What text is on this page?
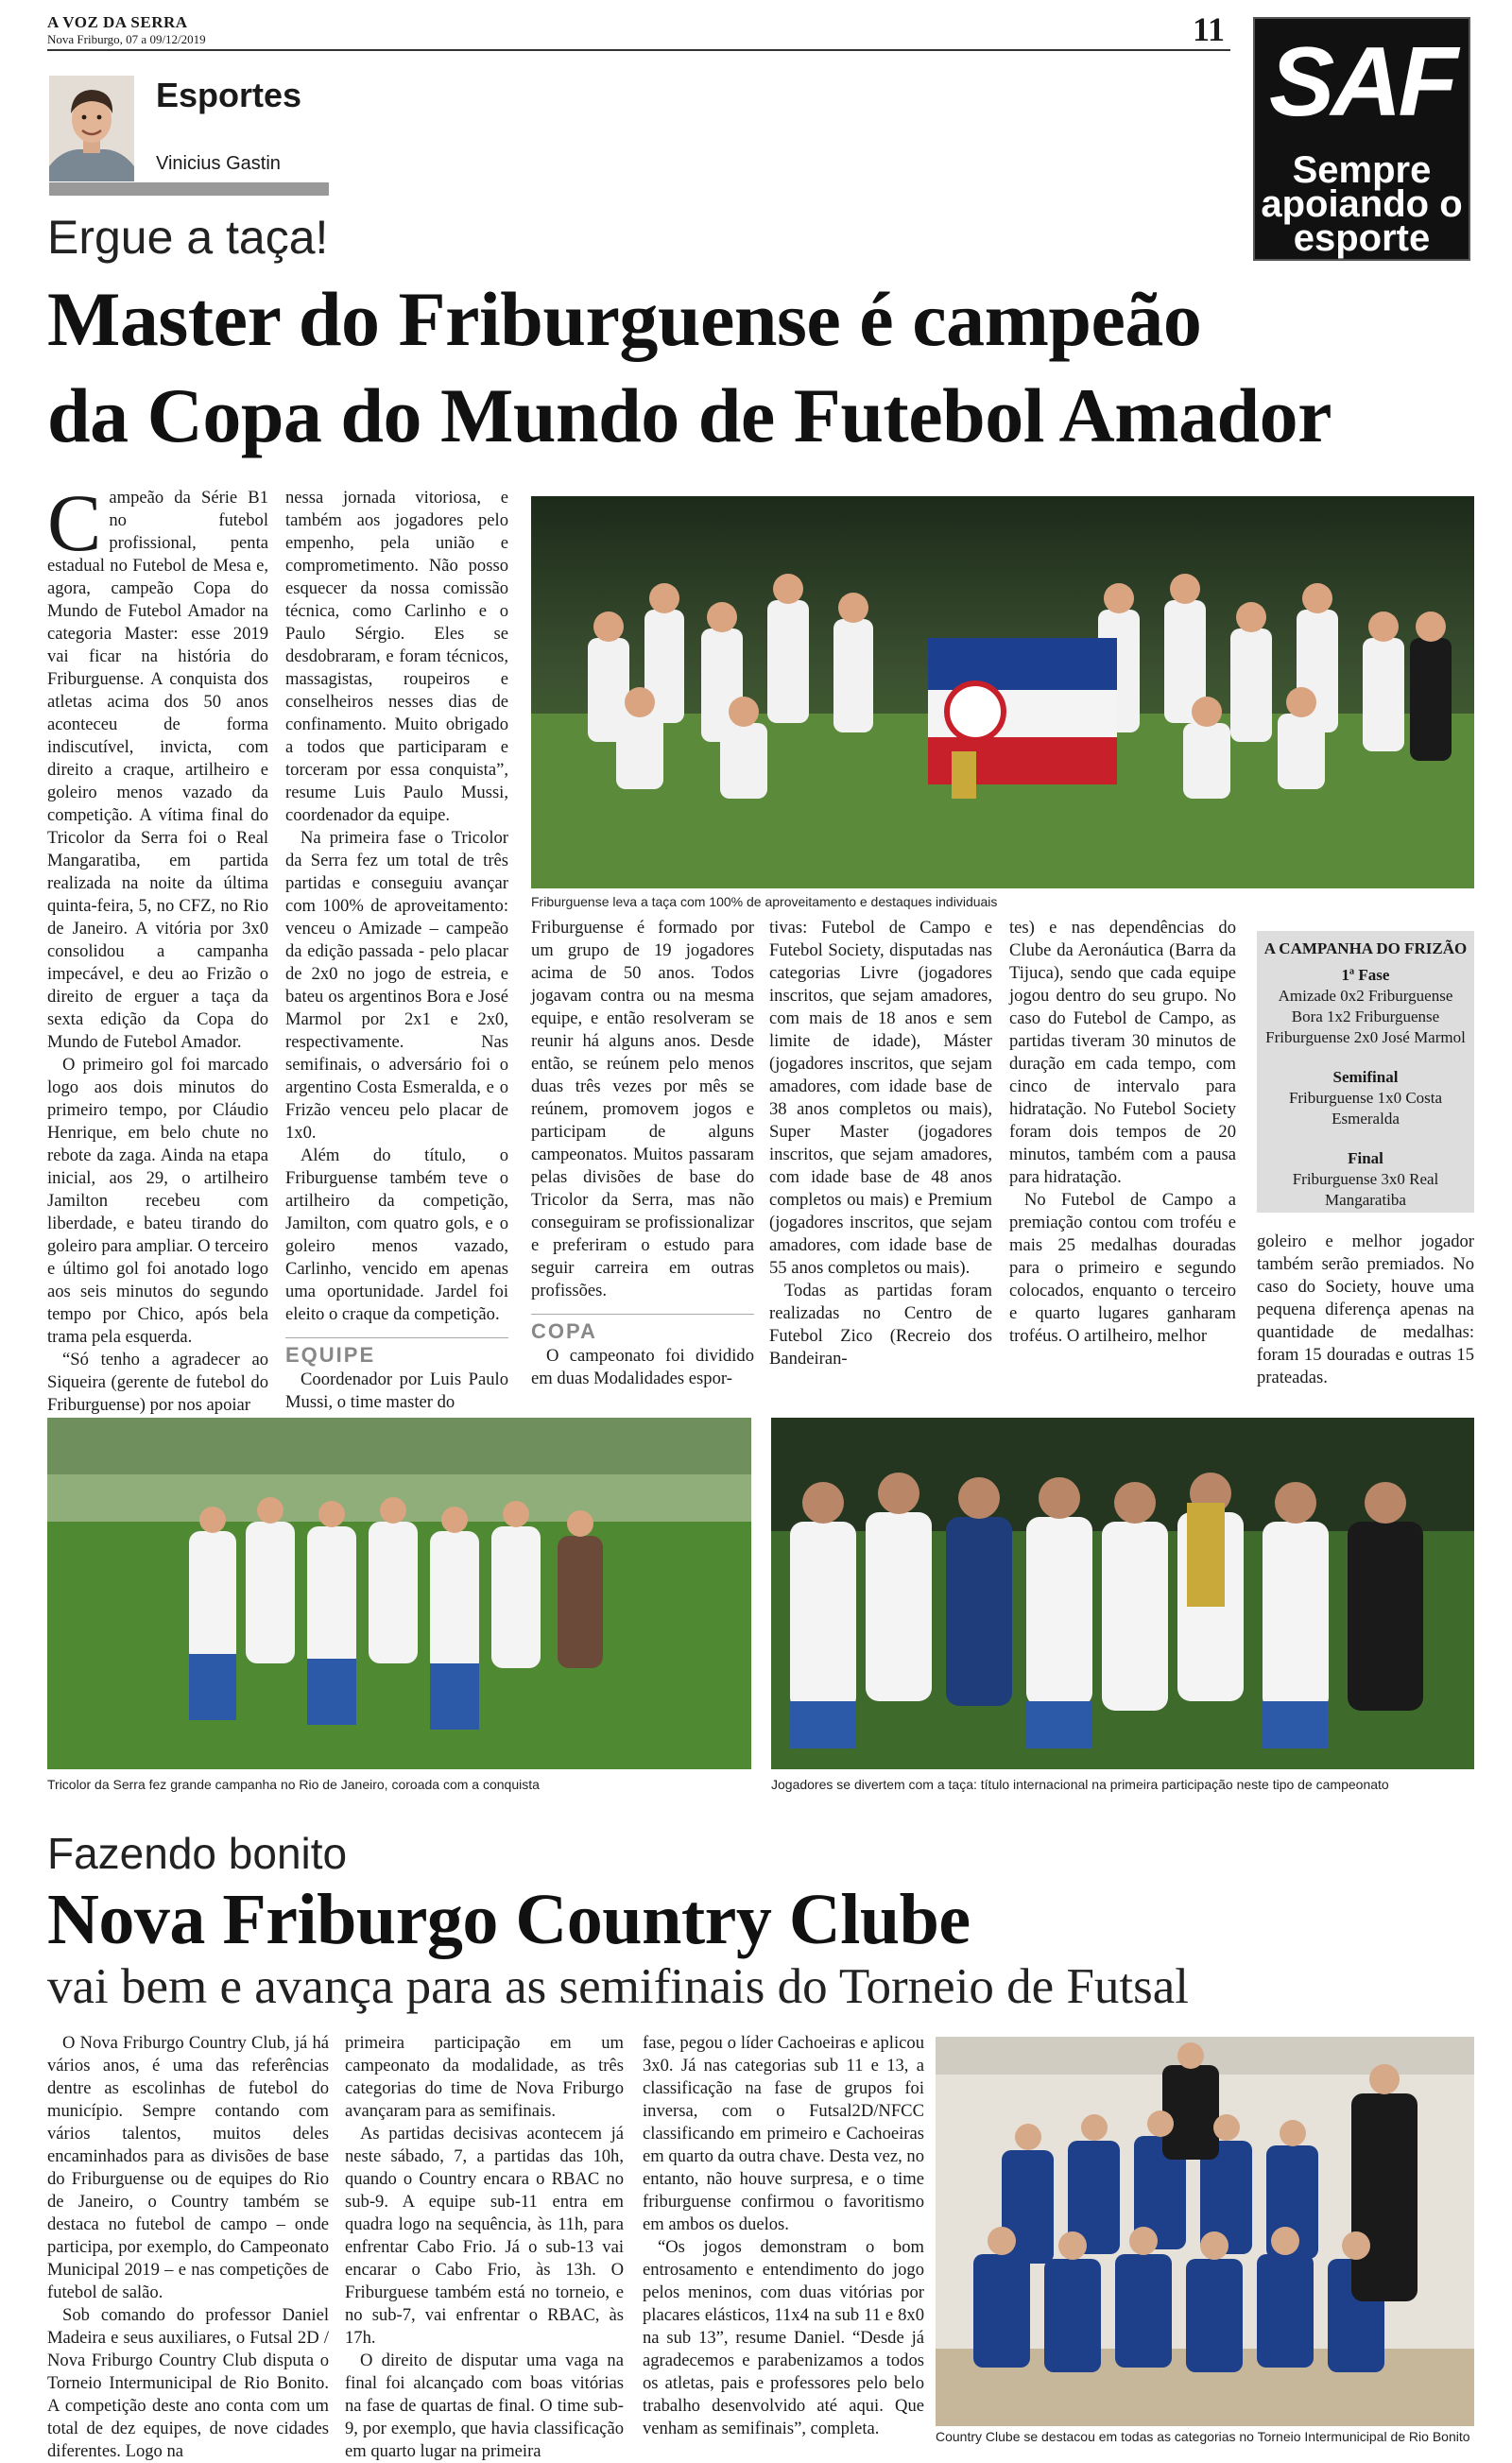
A VOZ DA SERRA
Nova Friburgo, 07 a 09/12/2019	11
Esportes
Vinicius Gastin
SAF
Sempre
apoiando o
esporte
Ergue a taça!
Master do Friburguense é campeão
da Copa do Mundo de Futebol Amador

Campeão da Série B1 no futebol profissional, penta estadual no Futebol de Mesa e, agora, campeão Copa do Mundo de Futebol Amador na categoria Master: esse 2019 vai ficar na história do Friburguense. A conquista dos atletas acima dos 50 anos aconteceu de forma indiscutível, invicta, com direito a craque, artilheiro e goleiro menos vazado da competição. A vítima final do Tricolor da Serra foi o Real Mangaratiba, em partida realizada na noite da última quinta-feira, 5, no CFZ, no Rio de Janeiro. A vitória por 3x0 consolidou a campanha impecável, e deu ao Frizão o direito de erguer a taça da sexta edição da Copa do Mundo de Futebol Amador.

O primeiro gol foi marcado logo aos dois minutos do primeiro tempo, por Cláudio Henrique, em belo chute no rebote da zaga. Ainda na etapa inicial, aos 29, o artilheiro Jamilton recebeu com liberdade, e bateu tirando do goleiro para ampliar. O terceiro e último gol foi anotado logo aos seis minutos do segundo tempo por Chico, após bela trama pela esquerda.

“Só tenho a agradecer ao Siqueira (gerente de futebol do Friburguense) por nos apoiar

nessa jornada vitoriosa, e também aos jogadores pelo empenho, pela união e comprometimento. Não posso esquecer da nossa comissão técnica, como Carlinho e o Paulo Sérgio. Eles se desdobraram, e foram técnicos, massagistas, roupeiros e conselheiros nesses dias de confinamento. Muito obrigado a todos que participaram e torceram por essa conquista”, resume Luis Paulo Mussi, coordenador da equipe.

Na primeira fase o Tricolor da Serra fez um total de três partidas e conseguiu avançar com 100% de aproveitamento: venceu o Amizade – campeão da edição passada - pelo placar de 2x0 no jogo de estreia, e bateu os argentinos Bora e José Marmol por 2x1 e 2x0, respectivamente. Nas semifinais, o adversário foi o argentino Costa Esmeralda, e o Frizão venceu pelo placar de 1x0.

Além do título, o Friburguense também teve o artilheiro da competição, Jamilton, com quatro gols, e o goleiro menos vazado, Carlinho, vencido em apenas uma oportunidade. Jardel foi eleito o craque da competição.

EQUIPE

Coordenador por Luis Paulo Mussi, o time master do

Friburguense leva a taça com 100% de aproveitamento e destaques individuais

Friburguense é formado por um grupo de 19 jogadores acima de 50 anos. Todos jogavam contra ou na mesma equipe, e então resolveram se reunir há alguns anos. Desde então, se reúnem pelo menos duas três vezes por mês se reúnem, promovem jogos e participam de alguns campeonatos. Muitos passaram pelas divisões de base do Tricolor da Serra, mas não conseguiram se profissionalizar e preferiram o estudo para seguir carreira em outras profissões.

COPA

O campeonato foi dividido em duas Modalidades espor-

tivas: Futebol de Campo e Futebol Society, disputadas nas categorias Livre (jogadores inscritos, que sejam amadores, com mais de 18 anos e sem limite de idade), Máster (jogadores inscritos, que sejam amadores, com idade base de 38 anos completos ou mais), Super Master (jogadores inscritos, que sejam amadores, com idade base de 48 anos completos ou mais) e Premium (jogadores inscritos, que sejam amadores, com idade base de 55 anos completos ou mais).

Todas as partidas foram realizadas no Centro de Futebol Zico (Recreio dos Bandeiran-

tes) e nas dependências do Clube da Aeronáutica (Barra da Tijuca), sendo que cada equipe jogou dentro do seu grupo. No caso do Futebol de Campo, as partidas tiveram 30 minutos de duração em cada tempo, com cinco de intervalo para hidratação. No Futebol Society foram dois tempos de 20 minutos, também com a pausa para hidratação.

No Futebol de Campo a premiação contou com troféu e mais 25 medalhas douradas para o primeiro e segundo colocados, enquanto o terceiro e quarto lugares ganharam troféus. O artilheiro, melhor

A CAMPANHA DO FRIZÃO
1ª Fase
Amizade 0x2 Friburguense
Bora 1x2 Friburguense
Friburguense 2x0 José Marmol
Semifinal
Friburguense 1x0 Costa
Esmeralda
Final
Friburguense 3x0 Real
Mangaratiba

goleiro e melhor jogador também serão premiados. No caso do Society, houve uma pequena diferença apenas na quantidade de medalhas: foram 15 douradas e outras 15 prateadas.

Tricolor da Serra fez grande campanha no Rio de Janeiro, coroada com a conquista	Jogadores se divertem com a taça: título internacional na primeira participação neste tipo de campeonato
Fazendo bonito
Nova Friburgo Country Clube
vai bem e avança para as semifinais do Torneio de Futsal

O Nova Friburgo Country Club, já há vários anos, é uma das referências dentre as escolinhas de futebol do município. Sempre contando com vários talentos, muitos deles encaminhados para as divisões de base do Friburguense ou de equipes do Rio de Janeiro, o Country também se destaca no futebol de campo – onde participa, por exemplo, do Campeonato Municipal 2019 – e nas competições de futebol de salão.

Sob comando do professor Daniel Madeira e seus auxiliares, o Futsal 2D / Nova Friburgo Country Club disputa o Torneio Intermunicipal de Rio Bonito. A competição deste ano conta com um total de dez equipes, de nove cidades diferentes. Logo na

primeira participação em um campeonato da modalidade, as três categorias do time de Nova Friburgo avançaram para as semifinais.

As partidas decisivas acontecem já neste sábado, 7, a partidas das 10h, quando o Country encara o RBAC no sub-9. A equipe sub-11 entra em quadra logo na sequência, às 11h, para enfrentar Cabo Frio. Já o sub-13 vai encarar o Cabo Frio, às 13h. O Friburguese também está no torneio, e no sub-7, vai enfrentar o RBAC, às 17h.

O direito de disputar uma vaga na final foi alcançado com boas vitórias na fase de quartas de final. O time sub-9, por exemplo, que havia classificação em quarto lugar na primeira

fase, pegou o líder Cachoeiras e aplicou 3x0. Já nas categorias sub 11 e 13, a classificação na fase de grupos foi inversa, com o Futsal2D/NFCC classificando em primeiro e Cachoeiras em quarto da outra chave. Desta vez, no entanto, não houve surpresa, e o time friburguense confirmou o favoritismo em ambos os duelos.

“Os jogos demonstram o bom entrosamento e entendimento do jogo pelos meninos, com duas vitórias por placares elásticos, 11x4 na sub 11 e 8x0 na sub 13”, resume Daniel. “Desde já agradecemos e parabenizamos a todos os atletas, pais e professores pelo belo trabalho desenvolvido até aqui. Que venham as semifinais”, completa.	Country Clube se destacou em todas as categorias no Torneio Intermunicipal de Rio Bonito
